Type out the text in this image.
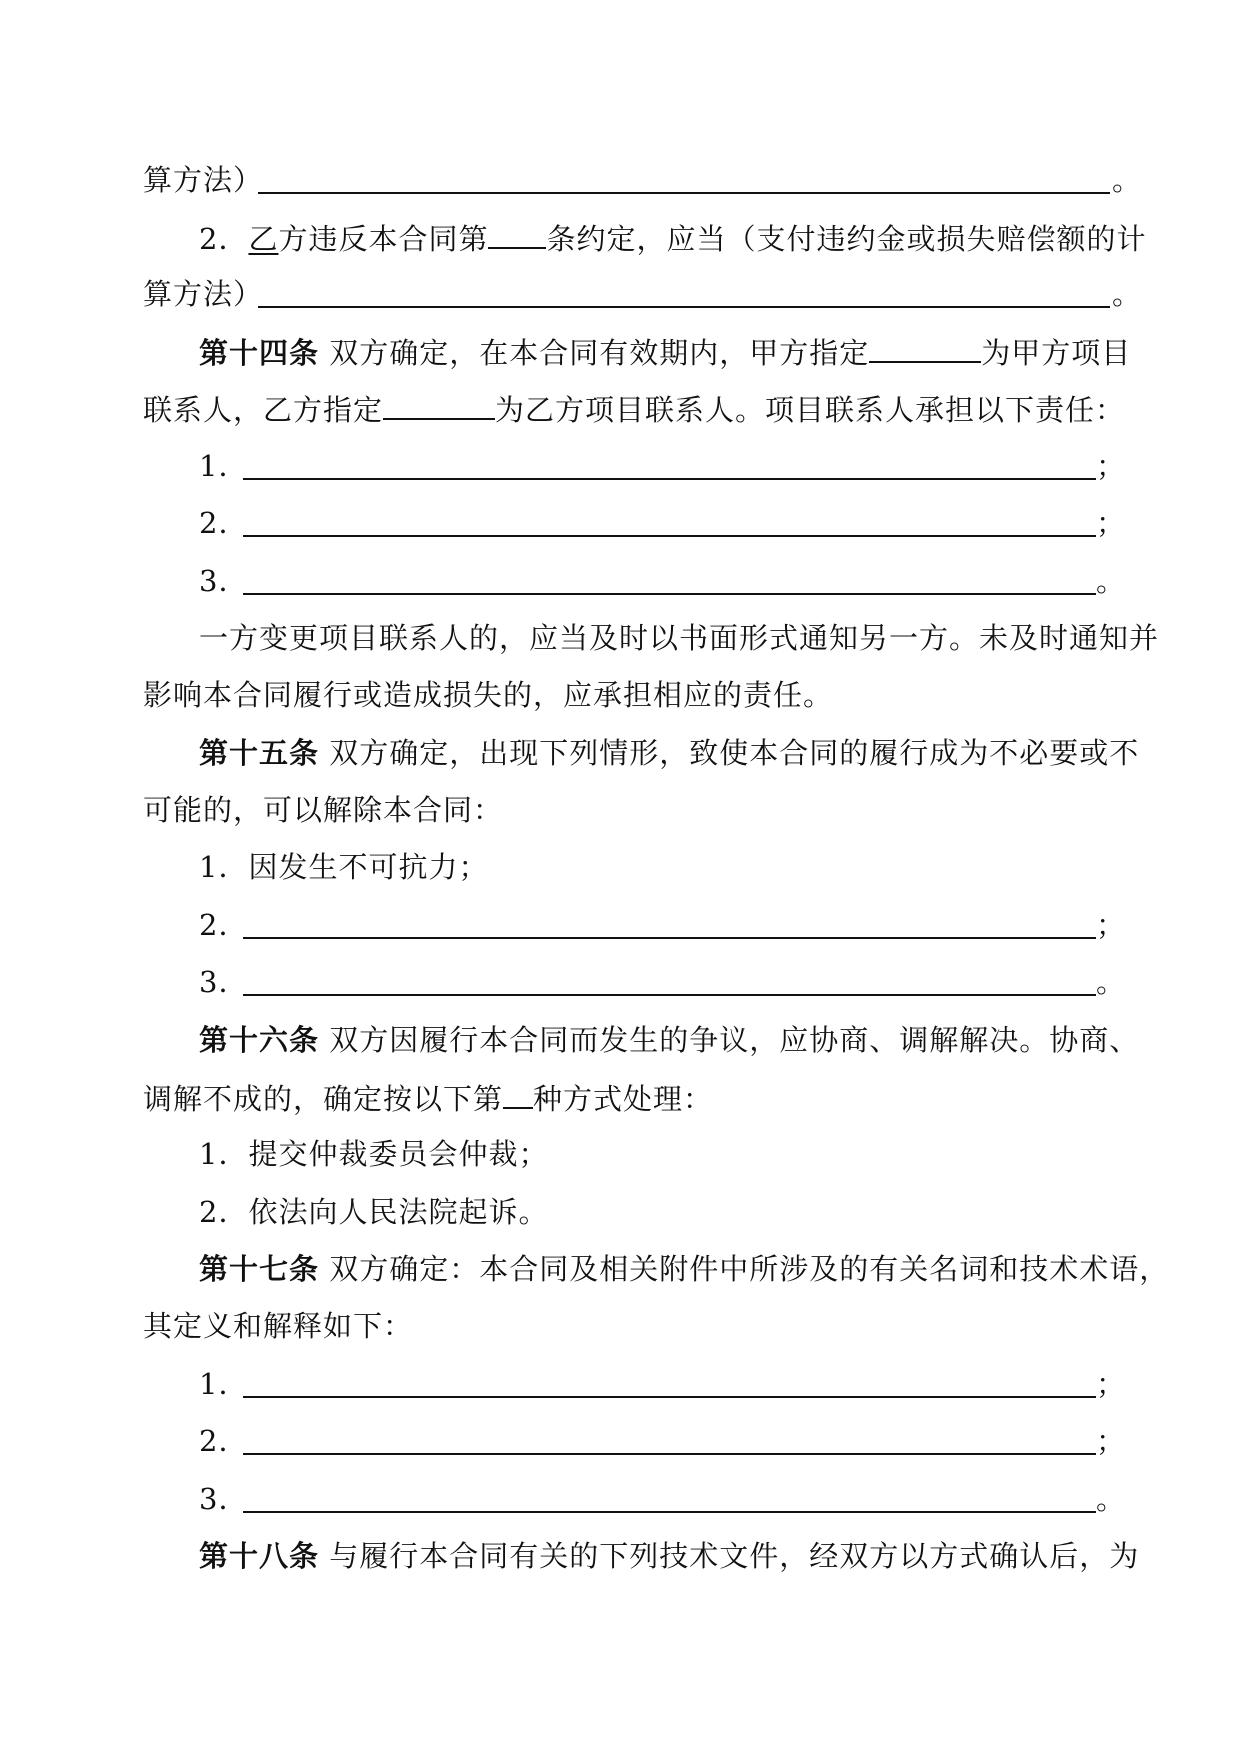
算方法）	。
2．乙方违反本合同第 条约定，应当（支付违约金或损失赔偿额的计
算方法）	。
第十四条 双方确定，在本合同有效期内，甲方指定	为甲方项目
联系人，乙方指定	为乙方项目联系人。项目联系人承担以下责任：
1．	；
2．	；
3．	。
一方变更项目联系人的，应当及时以书面形式通知另一方。未及时通知并
影响本合同履行或造成损失的，应承担相应的责任。
第十五条 双方确定，出现下列情形，致使本合同的履行成为不必要或不
可能的，可以解除本合同：
1．因发生不可抗力；
2．	；
3．	。
第十六条 双方因履行本合同而发生的争议，应协商、调解解决。协商、
调解不成的，确定按以下第 种方式处理：
1．提交仲裁委员会仲裁；
2．依法向人民法院起诉。
第十七条 双方确定：本合同及相关附件中所涉及的有关名词和技术术语，
其定义和解释如下：
1．	；
2．	；
3．	。
第十八条 与履行本合同有关的下列技术文件，经双方以方式确认后，为
